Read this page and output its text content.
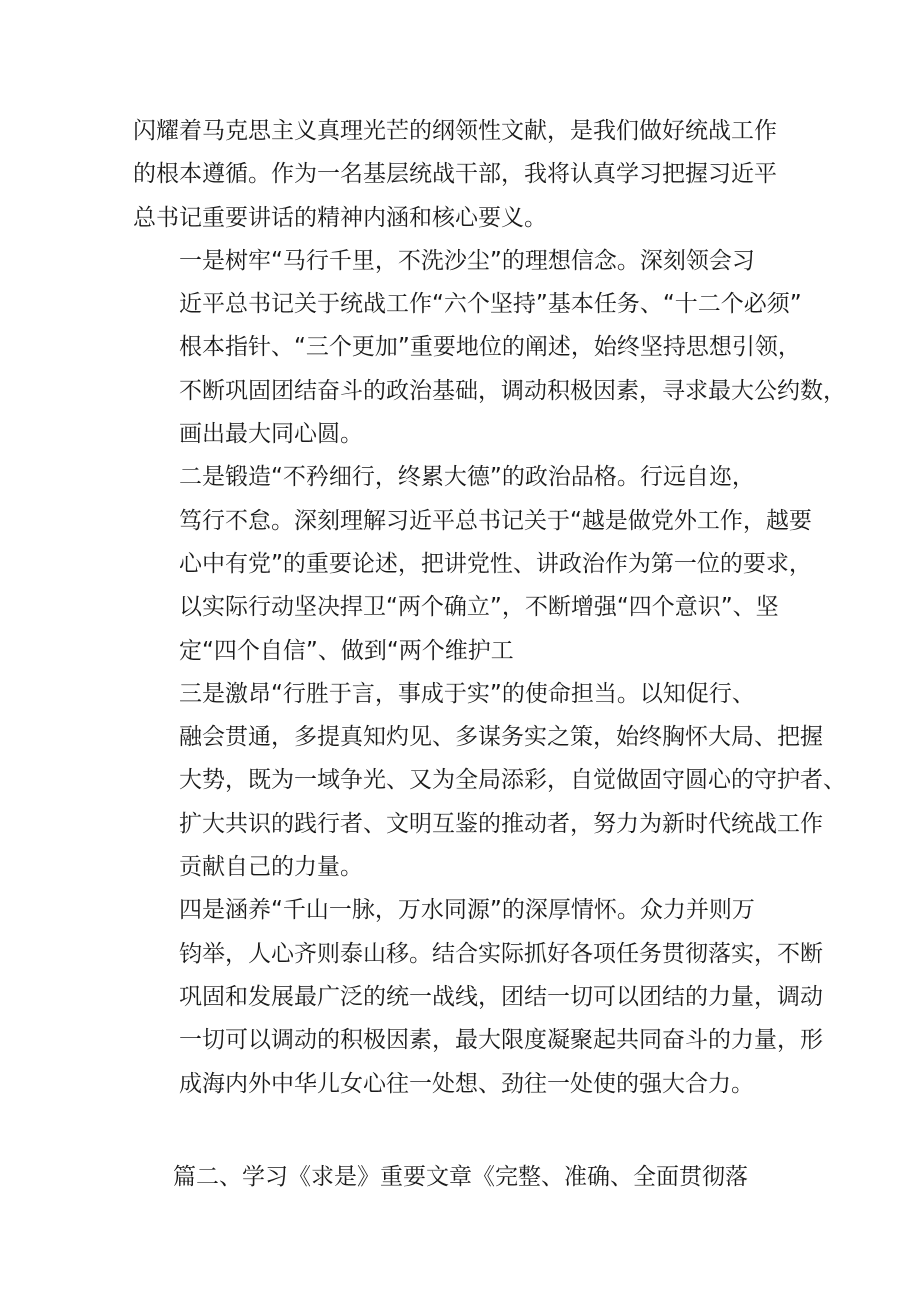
闪耀着马克思主义真理光芒的纲领性文献，是我们做好统战工作
的根本遵循。作为一名基层统战干部，我将认真学习把握习近平
总书记重要讲话的精神内涵和核心要义。

一是树牢“马行千里，不洗沙尘”的理想信念。深刻领会习
近平总书记关于统战工作“六个坚持”基本任务、“十二个必须”
根本指针、“三个更加”重要地位的阐述，始终坚持思想引领，
不断巩固团结奋斗的政治基础，调动积极因素，寻求最大公约数，
画出最大同心圆。

二是锻造“不矜细行，终累大德”的政治品格。行远自迩，
笃行不怠。深刻理解习近平总书记关于“越是做党外工作，越要
心中有党”的重要论述，把讲党性、讲政治作为第一位的要求，
以实际行动坚决捍卫“两个确立”，不断增强“四个意识”、坚
定“四个自信”、做到“两个维护工

三是激昂“行胜于言，事成于实”的使命担当。以知促行、
融会贯通，多提真知灼见、多谋务实之策，始终胸怀大局、把握
大势，既为一域争光、又为全局添彩，自觉做固守圆心的守护者、
扩大共识的践行者、文明互鉴的推动者，努力为新时代统战工作
贡献自己的力量。

四是涵养“千山一脉，万水同源”的深厚情怀。众力并则万
钧举，人心齐则泰山移。结合实际抓好各项任务贯彻落实，不断
巩固和发展最广泛的统一战线，团结一切可以团结的力量，调动
一切可以调动的积极因素，最大限度凝聚起共同奋斗的力量，形
成海内外中华儿女心往一处想、劲往一处使的强大合力。

篇二、学习《求是》重要文章《完整、准确、全面贯彻落
